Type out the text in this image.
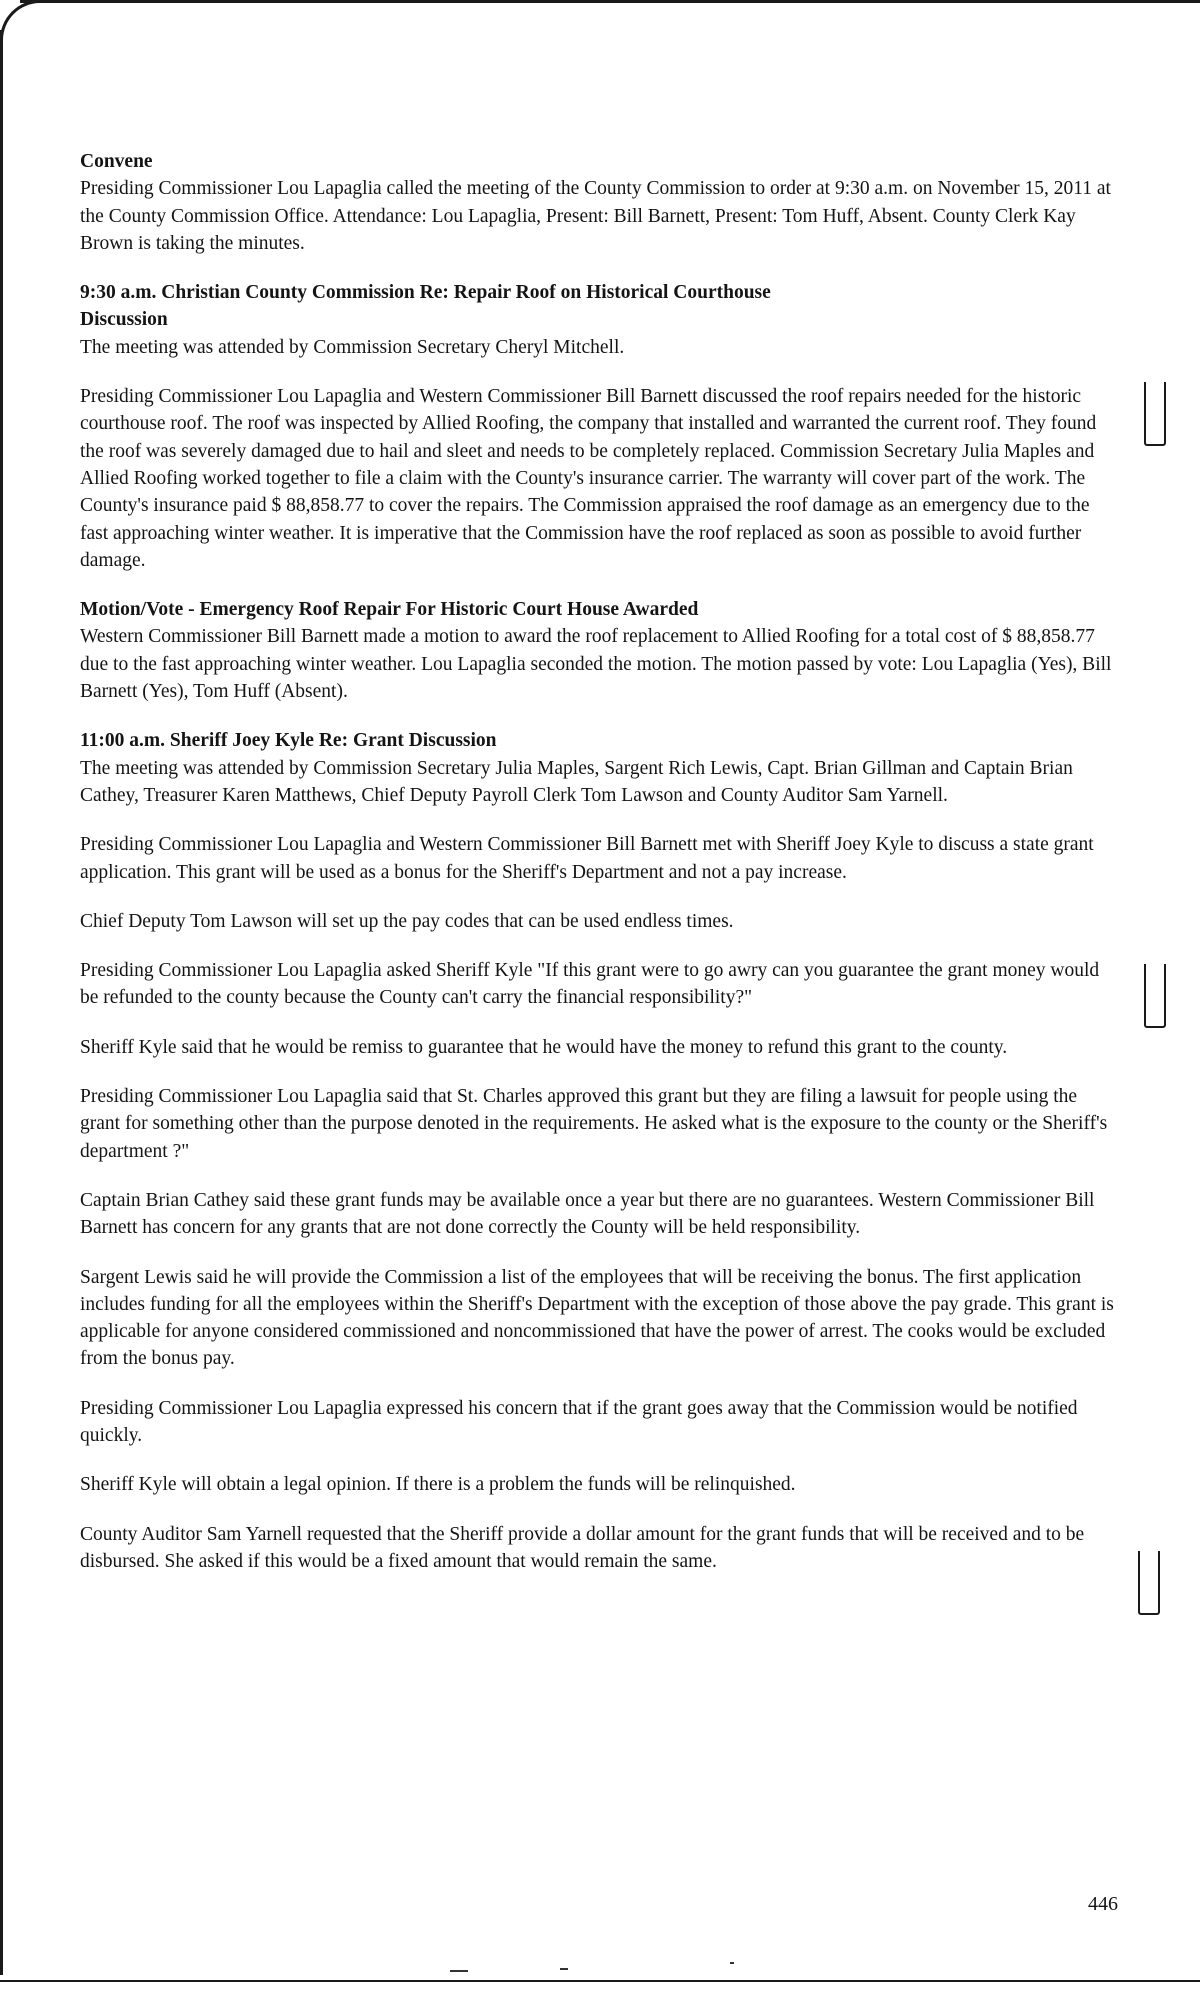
Convene
Presiding Commissioner Lou Lapaglia called the meeting of the County Commission to order at 9:30 a.m. on November 15, 2011 at the County Commission Office. Attendance: Lou Lapaglia, Present: Bill Barnett, Present: Tom Huff, Absent. County Clerk Kay Brown is taking the minutes.
9:30 a.m. Christian County Commission Re: Repair Roof on Historical Courthouse
Discussion
The meeting was attended by Commission Secretary Cheryl Mitchell.
Presiding Commissioner Lou Lapaglia and Western Commissioner Bill Barnett discussed the roof repairs needed for the historic courthouse roof. The roof was inspected by Allied Roofing, the company that installed and warranted the current roof. They found the roof was severely damaged due to hail and sleet and needs to be completely replaced. Commission Secretary Julia Maples and Allied Roofing worked together to file a claim with the County's insurance carrier. The warranty will cover part of the work. The County's insurance paid $ 88,858.77 to cover the repairs. The Commission appraised the roof damage as an emergency due to the fast approaching winter weather. It is imperative that the Commission have the roof replaced as soon as possible to avoid further damage.
Motion/Vote - Emergency Roof Repair For Historic Court House Awarded
Western Commissioner Bill Barnett made a motion to award the roof replacement to Allied Roofing for a total cost of $ 88,858.77 due to the fast approaching winter weather. Lou Lapaglia seconded the motion. The motion passed by vote: Lou Lapaglia (Yes), Bill Barnett (Yes), Tom Huff (Absent).
11:00 a.m. Sheriff Joey Kyle Re: Grant Discussion
The meeting was attended by Commission Secretary Julia Maples, Sargent Rich Lewis, Capt. Brian Gillman and Captain Brian Cathey, Treasurer Karen Matthews, Chief Deputy Payroll Clerk Tom Lawson and County Auditor Sam Yarnell.
Presiding Commissioner Lou Lapaglia and Western Commissioner Bill Barnett met with Sheriff Joey Kyle to discuss a state grant application. This grant will be used as a bonus for the Sheriff's Department and not a pay increase.
Chief Deputy Tom Lawson will set up the pay codes that can be used endless times.
Presiding Commissioner Lou Lapaglia asked Sheriff Kyle "If this grant were to go awry can you guarantee the grant money would be refunded to the county because the County can't carry the financial responsibility?"
Sheriff Kyle said that he would be remiss to guarantee that he would have the money to refund this grant to the county.
Presiding Commissioner Lou Lapaglia said that St. Charles approved this grant but they are filing a lawsuit for people using the grant for something other than the purpose denoted in the requirements. He asked what is the exposure to the county or the Sheriff's department ?"
Captain Brian Cathey said these grant funds may be available once a year but there are no guarantees. Western Commissioner Bill Barnett has concern for any grants that are not done correctly the County will be held responsibility.
Sargent Lewis said he will provide the Commission a list of the employees that will be receiving the bonus. The first application includes funding for all the employees within the Sheriff's Department with the exception of those above the pay grade. This grant is applicable for anyone considered commissioned and noncommissioned that have the power of arrest. The cooks would be excluded from the bonus pay.
Presiding Commissioner Lou Lapaglia expressed his concern that if the grant goes away that the Commission would be notified quickly.
Sheriff Kyle will obtain a legal opinion. If there is a problem the funds will be relinquished.
County Auditor Sam Yarnell requested that the Sheriff provide a dollar amount for the grant funds that will be received and to be disbursed. She asked if this would be a fixed amount that would remain the same.
446
